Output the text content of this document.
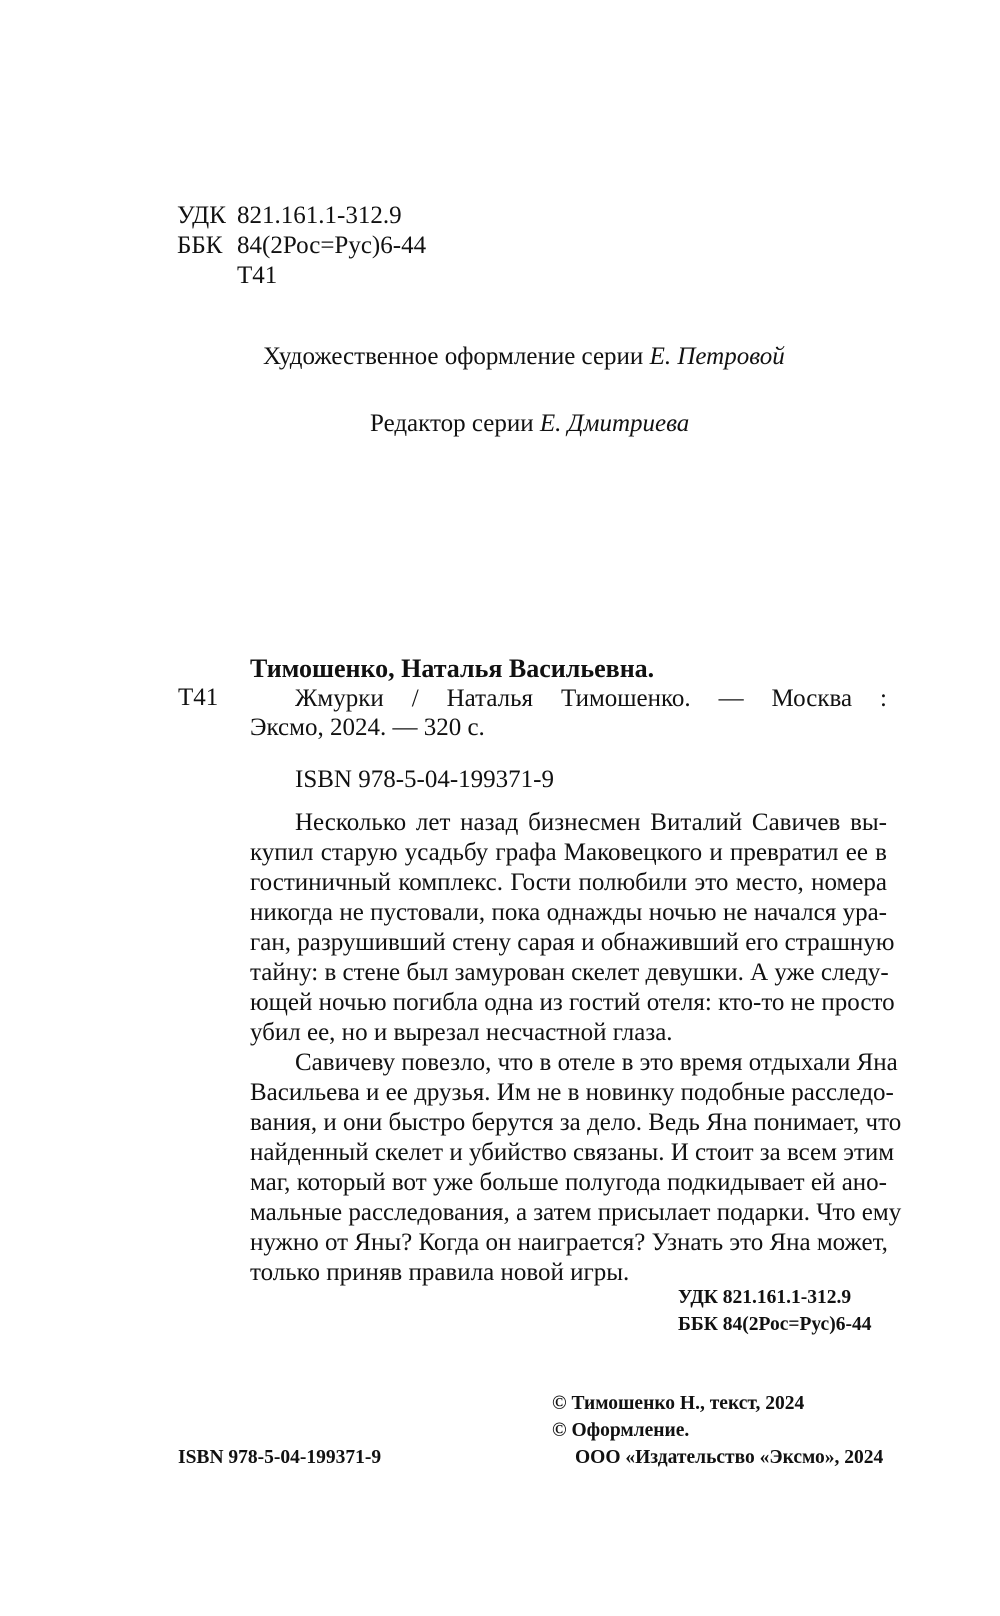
УДК 821.161.1-312.9
ББК 84(2Рос=Рус)6-44
Т41
Художественное оформление серии Е. Петровой
Редактор серии Е. Дмитриева
Тимошенко, Наталья Васильевна.
Т41	Жмурки / Наталья Тимошенко. — Москва :
Эксмо, 2024. — 320 с.
ISBN 978-5-04-199371-9
Несколько лет назад бизнесмен Виталий Савичев вы-
купил старую усадьбу графа Маковецкого и превратил ее в
гостиничный комплекс. Гости полюбили это место, номера
никогда не пустовали, пока однажды ночью не начался ура-
ган, разрушивший стену сарая и обнаживший его страшную
тайну: в стене был замурован скелет девушки. А уже следу-
ющей ночью погибла одна из гостий отеля: кто-то не просто
убил ее, но и вырезал несчастной глаза.
Савичеву повезло, что в отеле в это время отдыхали Яна
Васильева и ее друзья. Им не в новинку подобные расследо-
вания, и они быстро берутся за дело. Ведь Яна понимает, что
найденный скелет и убийство связаны. И стоит за всем этим
маг, который вот уже больше полугода подкидывает ей ано-
мальные расследования, а затем присылает подарки. Что ему
нужно от Яны? Когда он наиграется? Узнать это Яна может,
только приняв правила новой игры.
УДК 821.161.1-312.9
ББК 84(2Рос=Рус)6-44
© Тимошенко Н., текст, 2024
© Оформление.
ООО «Издательство «Эксмо», 2024
ISBN 978-5-04-199371-9
